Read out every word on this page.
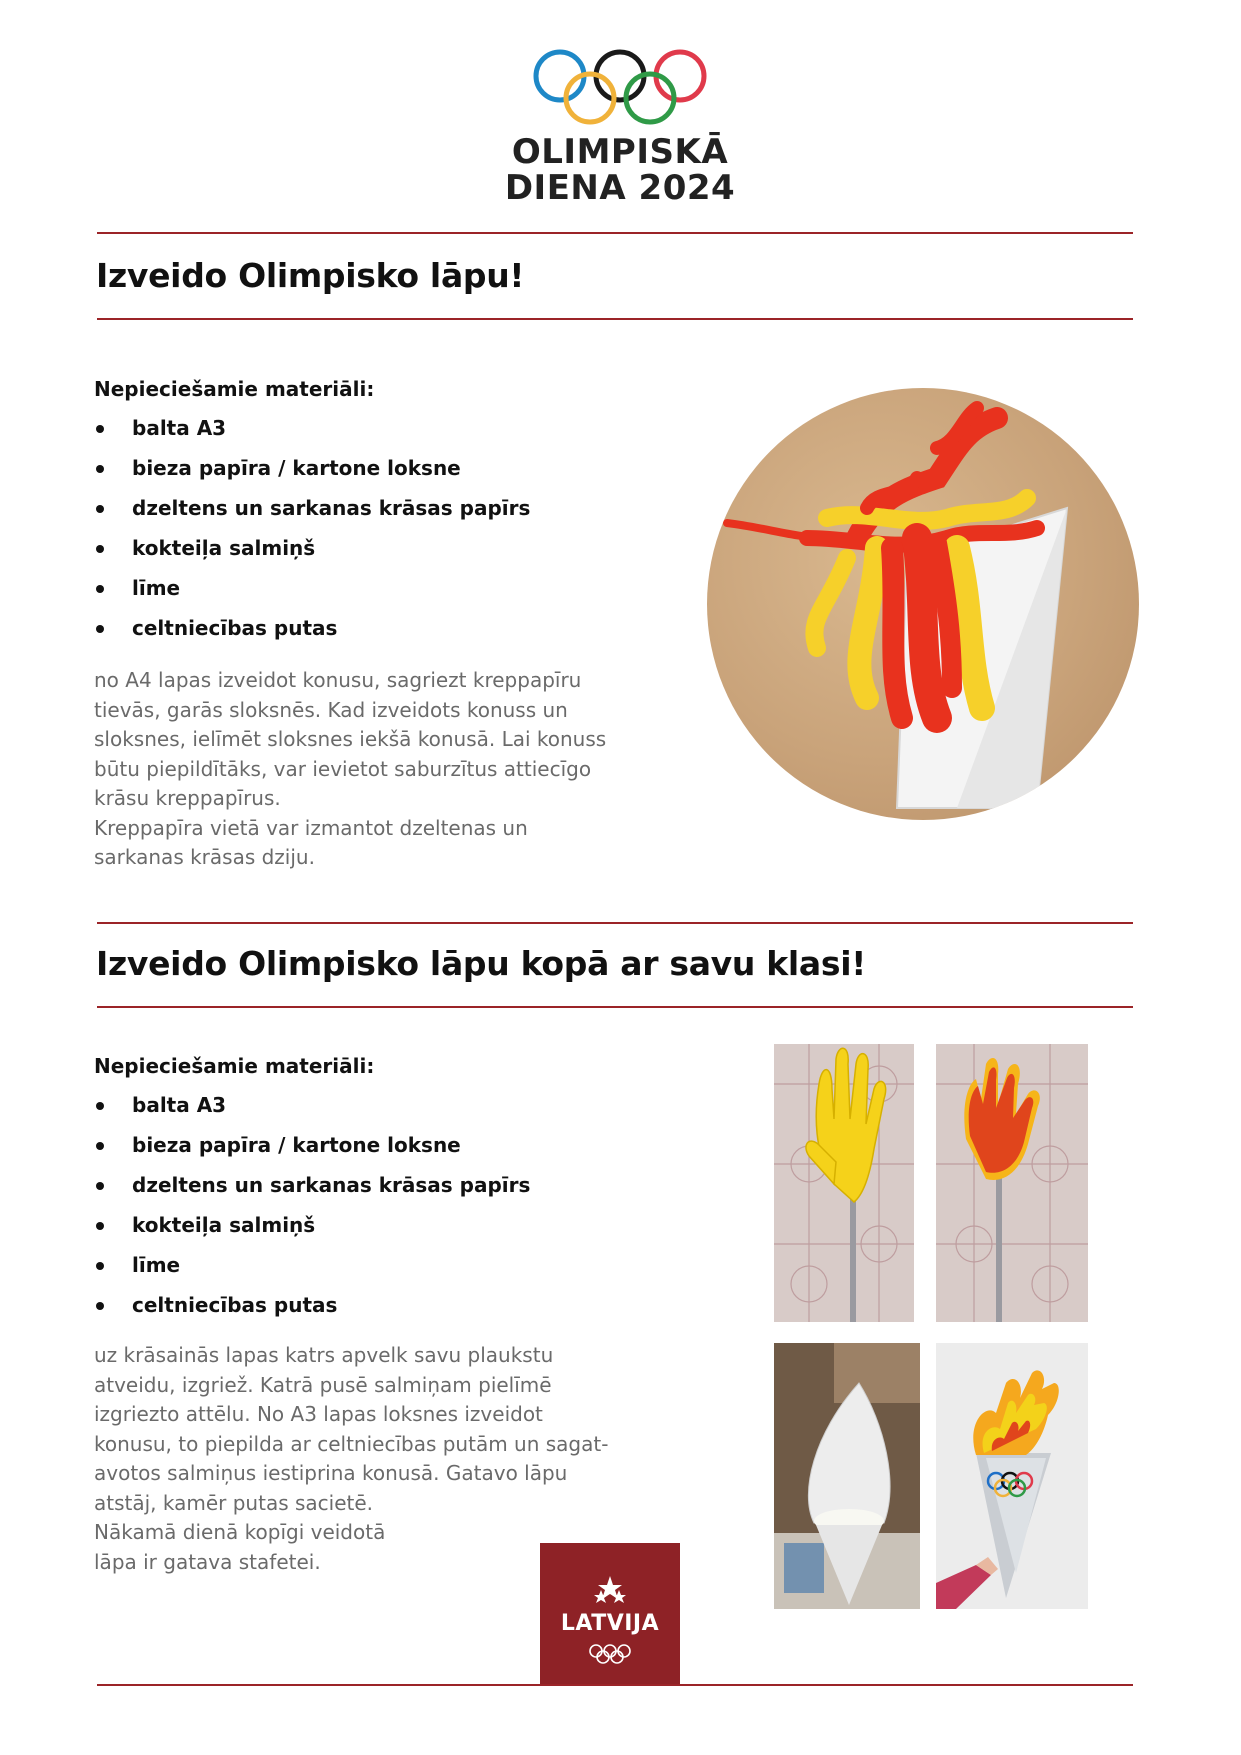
OLIMPISKĀ
DIENA 2024
Izveido Olimpisko lāpu!
Nepieciešamie materiāli:
balta A3
bieza papīra / kartone loksne
dzeltens un sarkanas krāsas papīrs
kokteiļa salmiņš
līme
celtniecības putas
no A4 lapas izveidot konusu, sagriezt kreppapīru
tievās, garās sloksnēs. Kad izveidots konuss un
sloksnes, ielīmēt sloksnes iekšā konusā. Lai konuss
būtu piepildītāks, var ievietot saburzītus attiecīgo
krāsu kreppapīrus.
Kreppapīra vietā var izmantot dzeltenas un
sarkanas krāsas dziju.
Izveido Olimpisko lāpu kopā ar savu klasi!
Nepieciešamie materiāli:
balta A3
bieza papīra / kartone loksne
dzeltens un sarkanas krāsas papīrs
kokteiļa salmiņš
līme
celtniecības putas
uz krāsainās lapas katrs apvelk savu plaukstu
atveidu, izgriež. Katrā pusē salmiņam pielīmē
izgriezto attēlu. No A3 lapas loksnes izveidot
konusu, to piepilda ar celtniecības putām un sagat-
avotos salmiņus iestiprina konusā. Gatavo lāpu
atstāj, kamēr putas sacietē.
Nākamā dienā kopīgi veidotā
lāpa ir gatava stafetei.
LATVIJA
